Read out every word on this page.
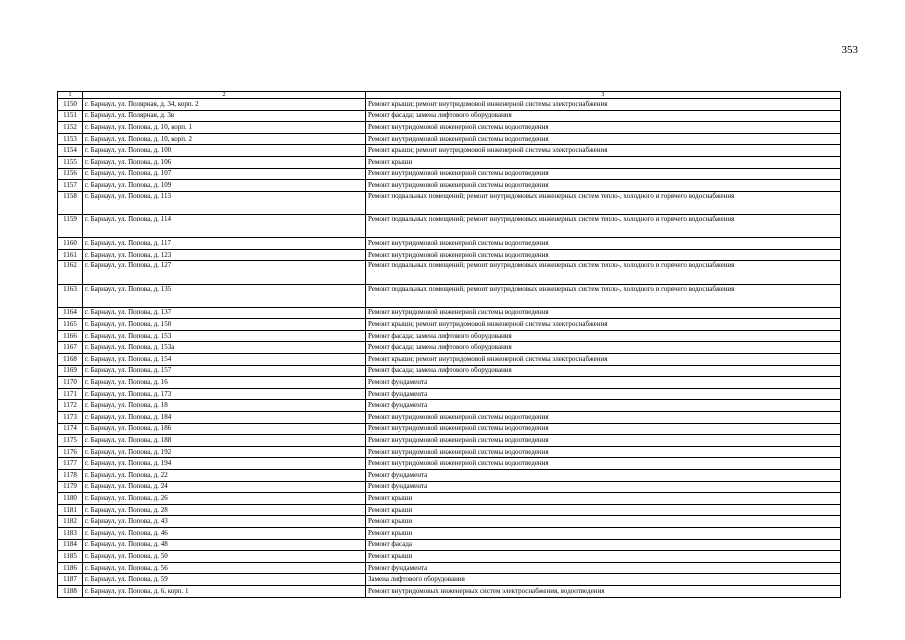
353
1	2	3
1150	г. Барнаул, ул. Полярная, д. 34, корп. 2	Ремонт крыши; ремонт внутридомовой инженерной системы электроснабжения
1151	г. Барнаул, ул. Полярная, д. 3в	Ремонт фасада; замена лифтового оборудования
1152	г. Барнаул, ул. Попова, д. 10, корп. 1	Ремонт внутридомовой инженерной системы водоотведения
1153	г. Барнаул, ул. Попова, д. 10, корп. 2	Ремонт внутридомовой инженерной системы водоотведения
1154	г. Барнаул, ул. Попова, д. 100	Ремонт крыши; ремонт внутридомовой инженерной системы электроснабжения
1155	г. Барнаул, ул. Попова, д. 106	Ремонт крыши
1156	г. Барнаул, ул. Попова, д. 107	Ремонт внутридомовой инженерной системы водоотведения
1157	г. Барнаул, ул. Попова, д. 109	Ремонт внутридомовой инженерной системы водоотведения
1158	г. Барнаул, ул. Попова, д. 113	Ремонт подвальных помещений; ремонт внутридомовых инженерных систем тепло-, холодного и горячего водоснабжения
1159	г. Барнаул, ул. Попова, д. 114	Ремонт подвальных помещений; ремонт внутридомовых инженерных систем тепло-, холодного и горячего водоснабжения
1160	г. Барнаул, ул. Попова, д. 117	Ремонт внутридомовой инженерной системы водоотведения
1161	г. Барнаул, ул. Попова, д. 123	Ремонт внутридомовой инженерной системы водоотведения
1162	г. Барнаул, ул. Попова, д. 127	Ремонт подвальных помещений; ремонт внутридомовых инженерных систем тепло-, холодного и горячего водоснабжения
1163	г. Барнаул, ул. Попова, д. 135	Ремонт подвальных помещений; ремонт внутридомовых инженерных систем тепло-, холодного и горячего водоснабжения
1164	г. Барнаул, ул. Попова, д. 137	Ремонт внутридомовой инженерной системы водоотведения
1165	г. Барнаул, ул. Попова, д. 150	Ремонт крыши; ремонт внутридомовой инженерной системы электроснабжения
1166	г. Барнаул, ул. Попова, д. 153	Ремонт фасада; замена лифтового оборудования
1167	г. Барнаул, ул. Попова, д. 153а	Ремонт фасада; замена лифтового оборудования
1168	г. Барнаул, ул. Попова, д. 154	Ремонт крыши; ремонт внутридомовой инженерной системы электроснабжения
1169	г. Барнаул, ул. Попова, д. 157	Ремонт фасада; замена лифтового оборудования
1170	г. Барнаул, ул. Попова, д. 16	Ремонт фундамента
1171	г. Барнаул, ул. Попова, д. 173	Ремонт фундамента
1172	г. Барнаул, ул. Попова, д. 18	Ремонт фундамента
1173	г. Барнаул, ул. Попова, д. 184	Ремонт внутридомовой инженерной системы водоотведения
1174	г. Барнаул, ул. Попова, д. 186	Ремонт внутридомовой инженерной системы водоотведения
1175	г. Барнаул, ул. Попова, д. 188	Ремонт внутридомовой инженерной системы водоотведения
1176	г. Барнаул, ул. Попова, д. 192	Ремонт внутридомовой инженерной системы водоотведения
1177	г. Барнаул, ул. Попова, д. 194	Ремонт внутридомовой инженерной системы водоотведения
1178	г. Барнаул, ул. Попова, д. 22	Ремонт фундамента
1179	г. Барнаул, ул. Попова, д. 24	Ремонт фундамента
1180	г. Барнаул, ул. Попова, д. 26	Ремонт крыши
1181	г. Барнаул, ул. Попова, д. 28	Ремонт крыши
1182	г. Барнаул, ул. Попова, д. 43	Ремонт крыши
1183	г. Барнаул, ул. Попова, д. 46	Ремонт крыши
1184	г. Барнаул, ул. Попова, д. 48	Ремонт фасада
1185	г. Барнаул, ул. Попова, д. 50	Ремонт крыши
1186	г. Барнаул, ул. Попова, д. 56	Ремонт фундамента
1187	г. Барнаул, ул. Попова, д. 59	Замена лифтового оборудования
1188	г. Барнаул, ул. Попова, д. 6, корп. 1	Ремонт внутридомовых инженерных систем электроснабжения, водоотведения
